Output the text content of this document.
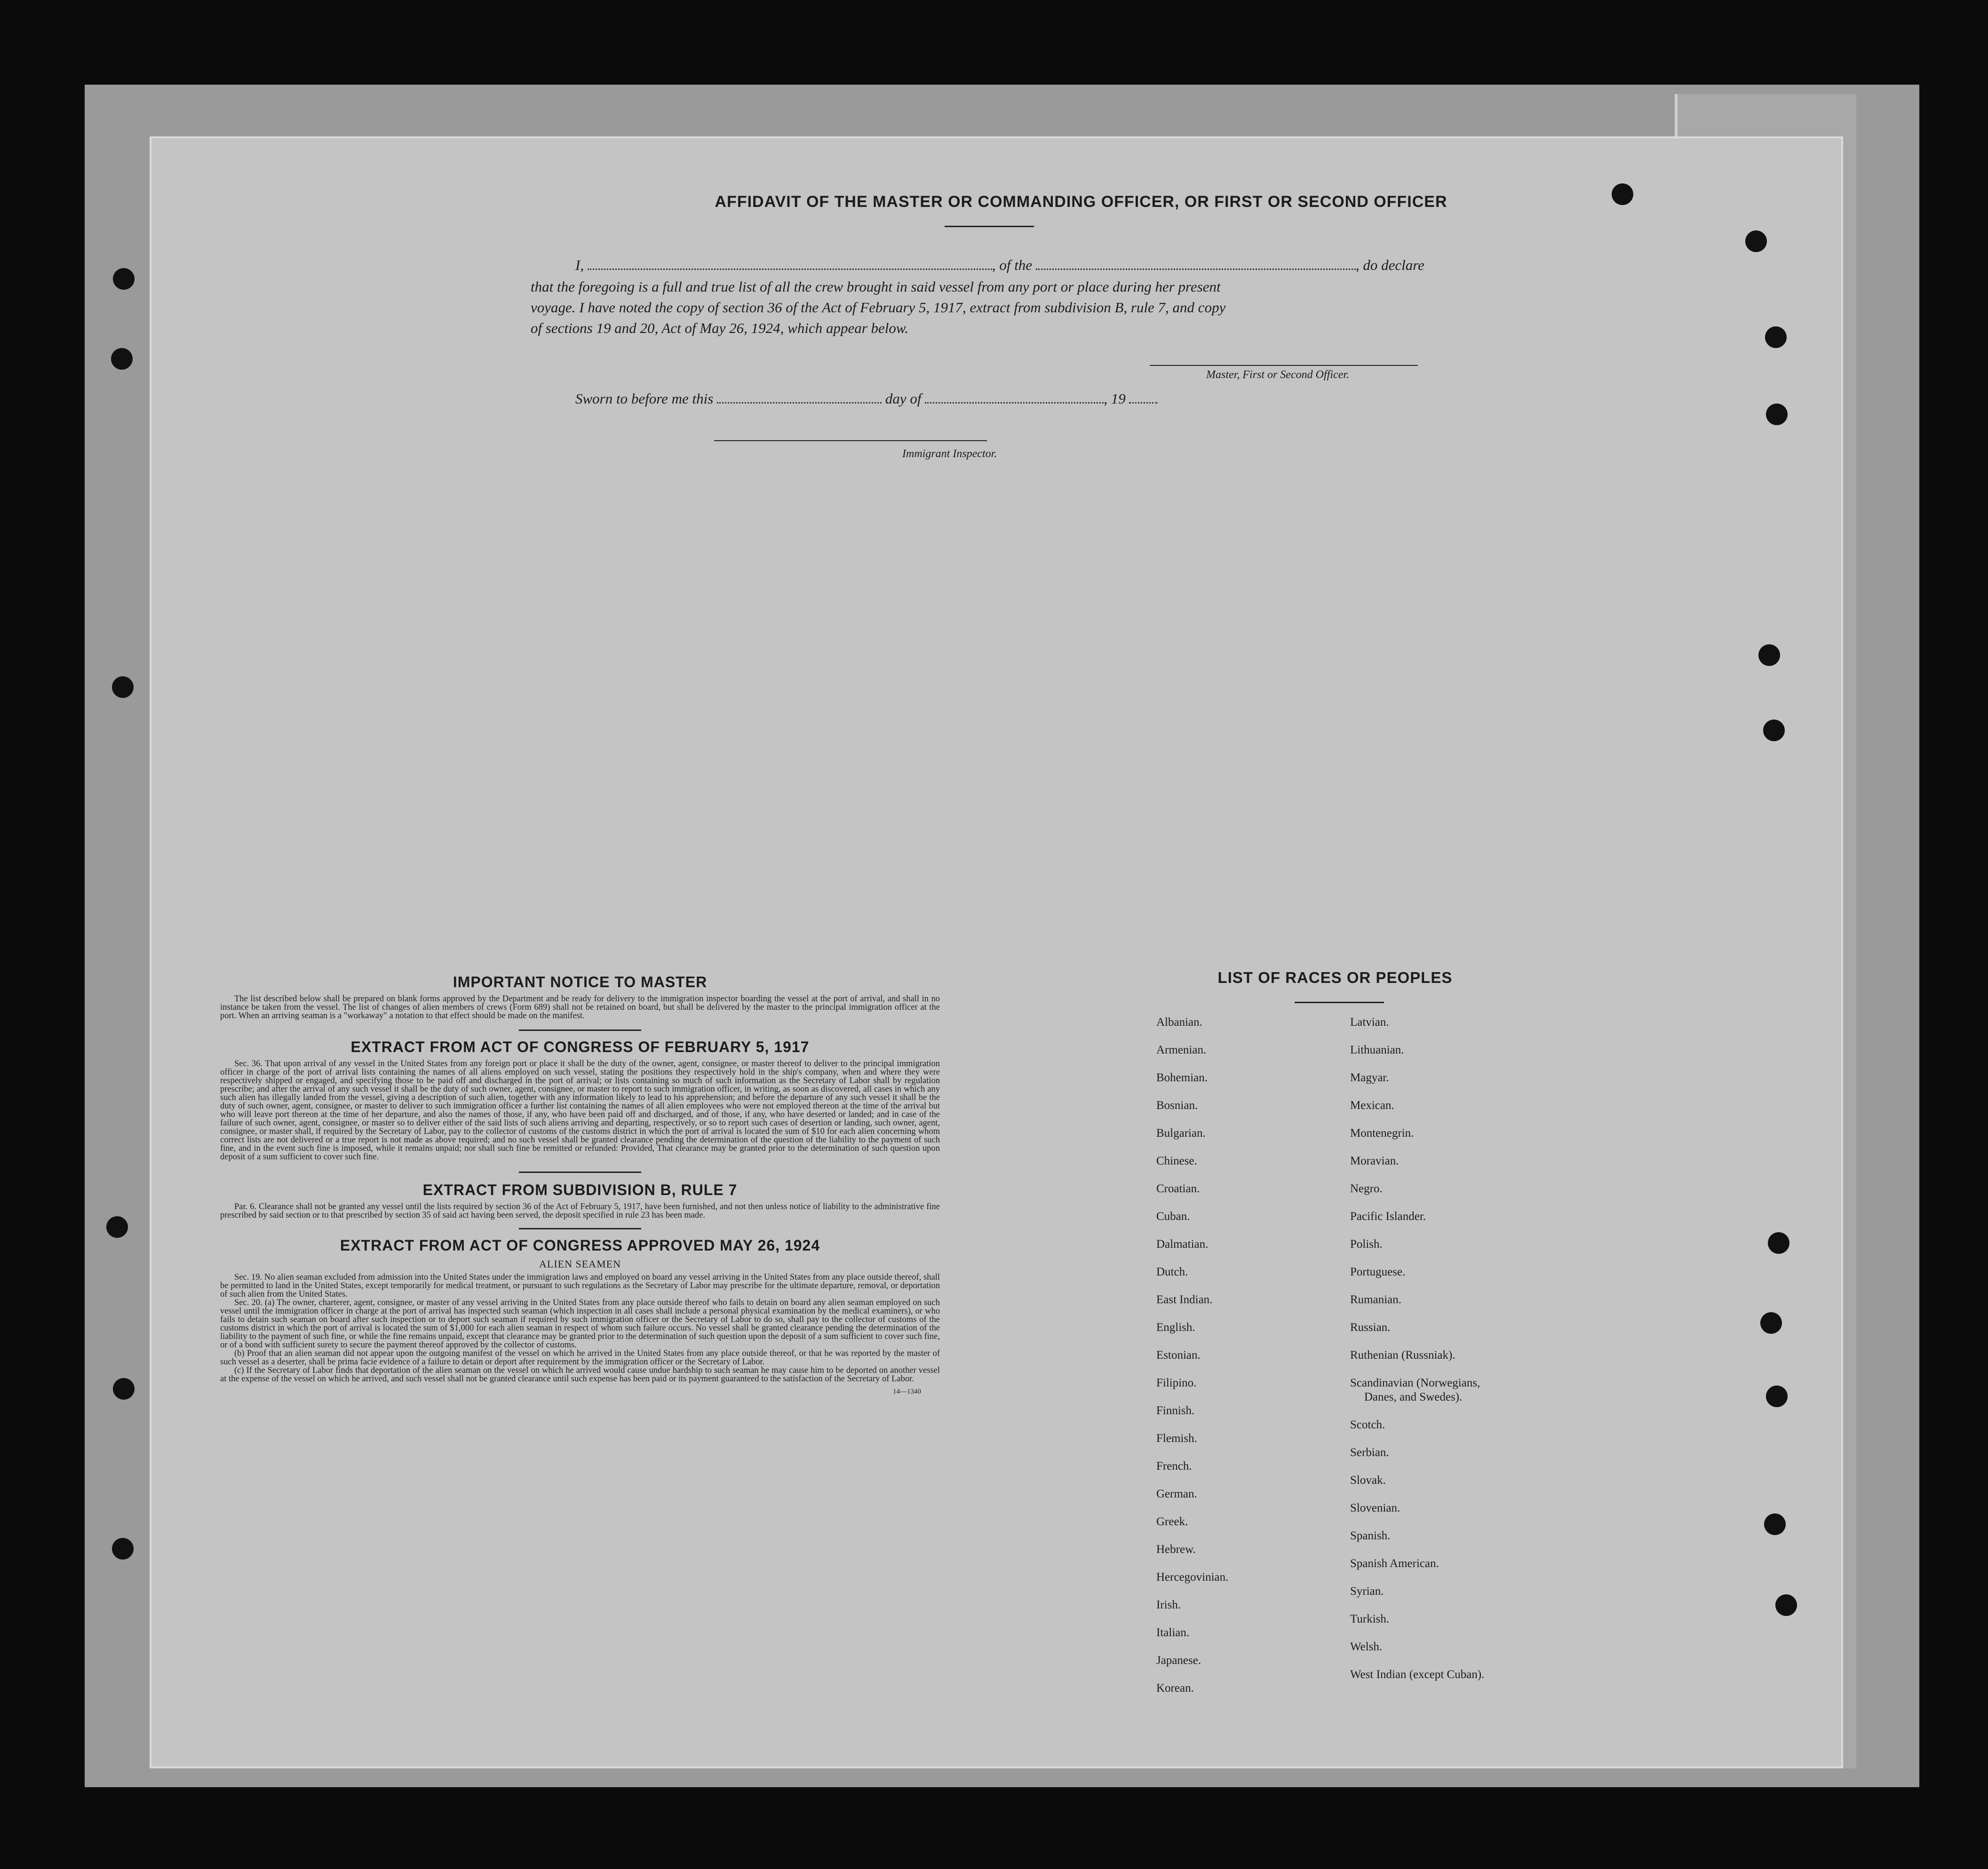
AFFIDAVIT OF THE MASTER OR COMMANDING OFFICER, OR FIRST OR SECOND OFFICER
I,	, of the	, do declare
that the foregoing is a full and true list of all the crew brought in said vessel from any port or place during her present
voyage. I have noted the copy of section 36 of the Act of February 5, 1917, extract from subdivision B, rule 7, and copy
of sections 19 and 20, Act of May 26, 1924, which appear below.
Master, First or Second Officer.
Sworn to before me this	day of	, 19
Immigrant Inspector.
IMPORTANT NOTICE TO MASTER
The list described below shall be prepared on blank forms approved by the Department and be ready for delivery to the immigration inspector boarding the vessel at the port of arrival, and shall in no instance be taken from the vessel. The list of changes of alien members of crews (Form 689) shall not be retained on board, but shall be delivered by the master to the principal immigration officer at the port. When an arriving seaman is a "workaway" a notation to that effect should be made on the manifest.
EXTRACT FROM ACT OF CONGRESS OF FEBRUARY 5, 1917
Sec. 36. That upon arrival of any vessel in the United States from any foreign port or place it shall be the duty of the owner, agent, consignee, or master thereof to deliver to the principal immigration officer in charge of the port of arrival lists containing the names of all aliens employed on such vessel, stating the positions they respectively hold in the ship's company, when and where they were respectively shipped or engaged, and specifying those to be paid off and discharged in the port of arrival; or lists containing so much of such information as the Secretary of Labor shall by regulation prescribe; and after the arrival of any such vessel it shall be the duty of such owner, agent, consignee, or master to report to such immigration officer, in writing, as soon as discovered, all cases in which any such alien has illegally landed from the vessel, giving a description of such alien, together with any information likely to lead to his apprehension; and before the departure of any such vessel it shall be the duty of such owner, agent, consignee, or master to deliver to such immigration officer a further list containing the names of all alien employees who were not employed thereon at the time of the arrival but who will leave port thereon at the time of her departure, and also the names of those, if any, who have been paid off and discharged, and of those, if any, who have deserted or landed; and in case of the failure of such owner, agent, consignee, or master so to deliver either of the said lists of such aliens arriving and departing, respectively, or so to report such cases of desertion or landing, such owner, agent, consignee, or master shall, if required by the Secretary of Labor, pay to the collector of customs of the customs district in which the port of arrival is located the sum of $10 for each alien concerning whom correct lists are not delivered or a true report is not made as above required; and no such vessel shall be granted clearance pending the determination of the question of the liability to the payment of such fine, and in the event such fine is imposed, while it remains unpaid; nor shall such fine be remitted or refunded: Provided, That clearance may be granted prior to the determination of such question upon deposit of a sum sufficient to cover such fine.
EXTRACT FROM SUBDIVISION B, RULE 7
Par. 6. Clearance shall not be granted any vessel until the lists required by section 36 of the Act of February 5, 1917, have been furnished, and not then unless notice of liability to the administrative fine prescribed by said section or to that prescribed by section 35 of said act having been served, the deposit specified in rule 23 has been made.
EXTRACT FROM ACT OF CONGRESS APPROVED MAY 26, 1924
ALIEN SEAMEN
Sec. 19. No alien seaman excluded from admission into the United States under the immigration laws and employed on board any vessel arriving in the United States from any place outside thereof, shall be permitted to land in the United States, except temporarily for medical treatment, or pursuant to such regulations as the Secretary of Labor may prescribe for the ultimate departure, removal, or deportation of such alien from the United States.
Sec. 20. (a) The owner, charterer, agent, consignee, or master of any vessel arriving in the United States from any place outside thereof who fails to detain on board any alien seaman employed on such vessel until the immigration officer in charge at the port of arrival has inspected such seaman (which inspection in all cases shall include a personal physical examination by the medical examiners), or who fails to detain such seaman on board after such inspection or to deport such seaman if required by such immigration officer or the Secretary of Labor to do so, shall pay to the collector of customs of the customs district in which the port of arrival is located the sum of $1,000 for each alien seaman in respect of whom such failure occurs. No vessel shall be granted clearance pending the determination of the liability to the payment of such fine, or while the fine remains unpaid, except that clearance may be granted prior to the determination of such question upon the deposit of a sum sufficient to cover such fine, or of a bond with sufficient surety to secure the payment thereof approved by the collector of customs.
(b) Proof that an alien seaman did not appear upon the outgoing manifest of the vessel on which he arrived in the United States from any place outside thereof, or that he was reported by the master of such vessel as a deserter, shall be prima facie evidence of a failure to detain or deport after requirement by the immigration officer or the Secretary of Labor.
(c) If the Secretary of Labor finds that deportation of the alien seaman on the vessel on which he arrived would cause undue hardship to such seaman he may cause him to be deported on another vessel at the expense of the vessel on which he arrived, and such vessel shall not be granted clearance until such expense has been paid or its payment guaranteed to the satisfaction of the Secretary of Labor.
14—1340
LIST OF RACES OR PEOPLES
Albanian.
Armenian.
Bohemian.
Bosnian.
Bulgarian.
Chinese.
Croatian.
Cuban.
Dalmatian.
Dutch.
East Indian.
English.
Estonian.
Filipino.
Finnish.
Flemish.
French.
German.
Greek.
Hebrew.
Hercegovinian.
Irish.
Italian.
Japanese.
Korean.
Latvian.
Lithuanian.
Magyar.
Mexican.
Montenegrin.
Moravian.
Negro.
Pacific Islander.
Polish.
Portuguese.
Rumanian.
Russian.
Ruthenian (Russniak).
Scandinavian (Norwegians,
Danes, and Swedes).
Scotch.
Serbian.
Slovak.
Slovenian.
Spanish.
Spanish American.
Syrian.
Turkish.
Welsh.
West Indian (except Cuban).
